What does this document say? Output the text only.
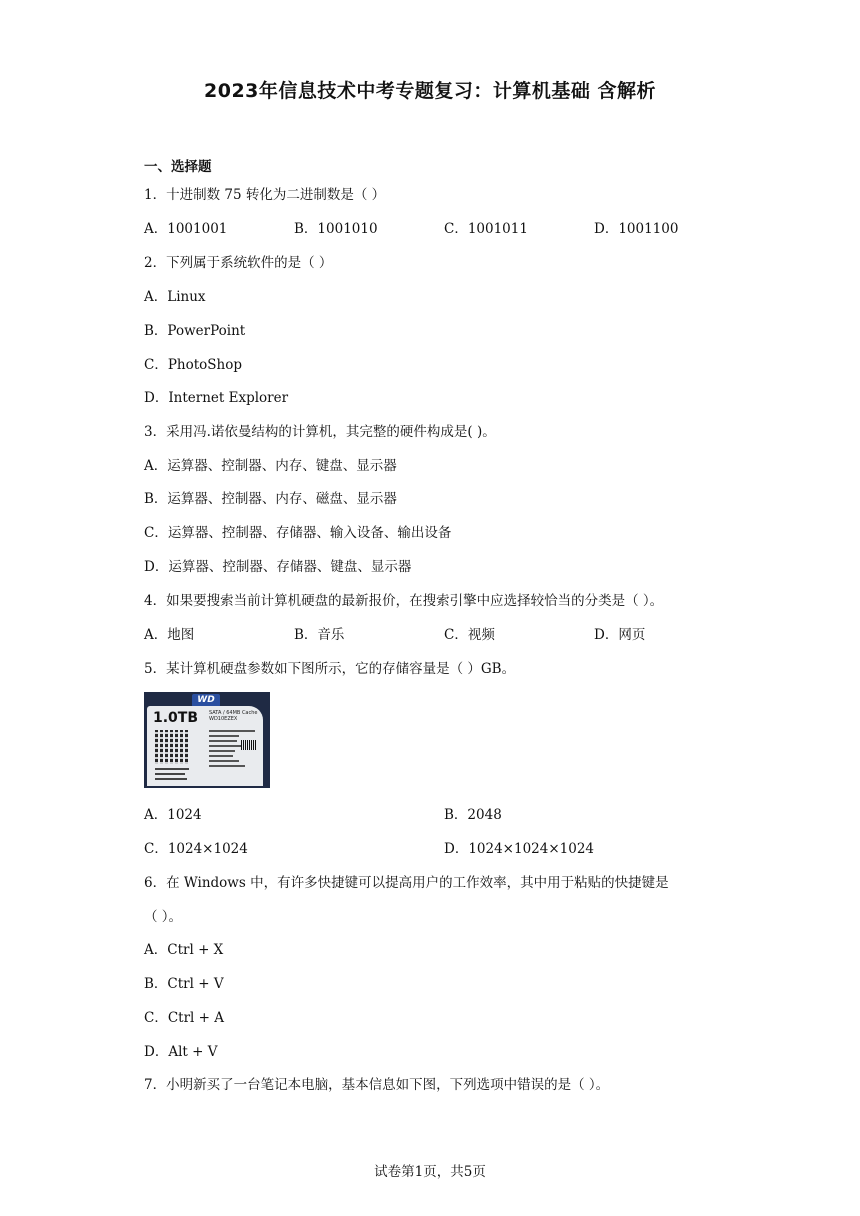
2023年信息技术中考专题复习：计算机基础 含解析
一、选择题
1．十进制数 75 转化为二进制数是（ ）
A．1001001	B．1001010	C．1001011	D．1001100
2．下列属于系统软件的是（ ）
A．Linux
B．PowerPoint
C．PhotoShop
D．Internet Explorer
3．采用冯.诺依曼结构的计算机，其完整的硬件构成是( )。
A．运算器、控制器、内存、键盘、显示器
B．运算器、控制器、内存、磁盘、显示器
C．运算器、控制器、存储器、输入设备、输出设备
D．运算器、控制器、存储器、键盘、显示器
4．如果要搜索当前计算机硬盘的最新报价，在搜索引擎中应选择较恰当的分类是（ ）。
A．地图	B．音乐	C．视频	D．网页
5．某计算机硬盘参数如下图所示，它的存储容量是（ ）GB。
WD
1.0TB SATA / 64MB Cache
WD10EZEX
A．1024	B．2048
C．1024×1024	D．1024×1024×1024
6．在 Windows 中，有许多快捷键可以提高用户的工作效率，其中用于粘贴的快捷键是
（ ）。
A．Ctrl + X
B．Ctrl + V
C．Ctrl + A
D．Alt + V
7．小明新买了一台笔记本电脑，基本信息如下图，下列选项中错误的是（ ）。
试卷第1页，共5页
